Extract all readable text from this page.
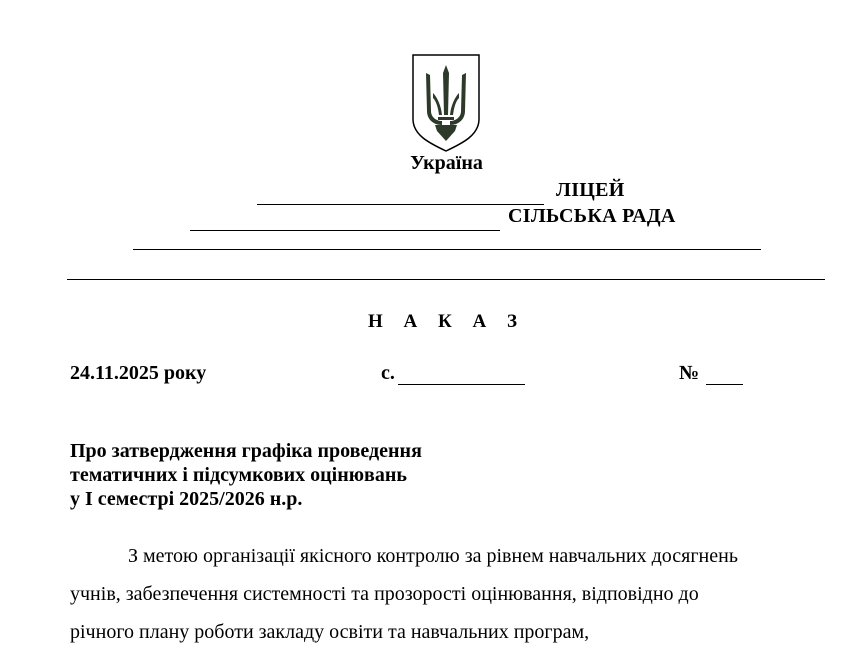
Україна
ЛІЦЕЙ
СІЛЬСЬКА РАДА
Н А К А З
24.11.2025 року	с.	№
Про затвердження графіка проведення
тематичних і підсумкових оцінювань
у І семестрі 2025/2026 н.р.
З метою організації якісного контролю за рівнем навчальних досягнень
учнів, забезпечення системності та прозорості оцінювання, відповідно до
річного плану роботи закладу освіти та навчальних програм,
